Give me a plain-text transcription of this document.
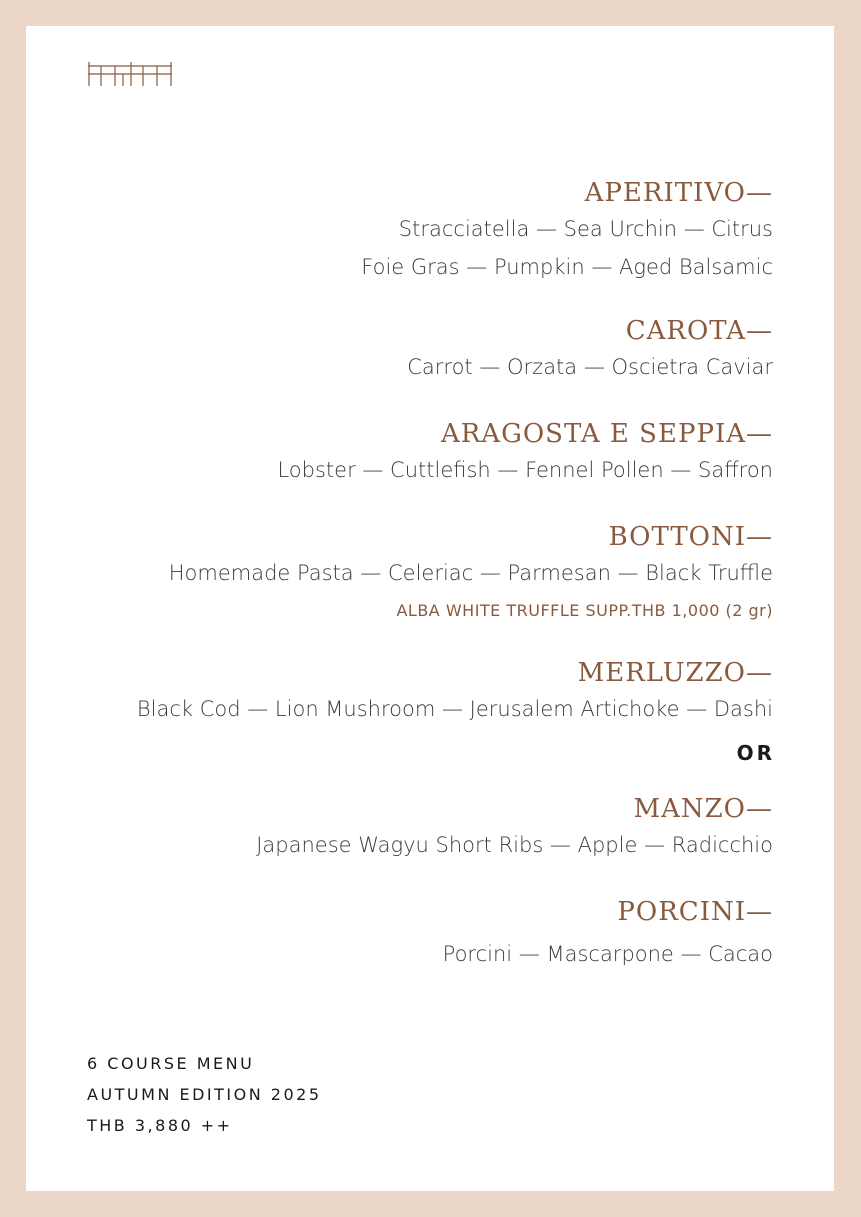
APERITIVO—
Stracciatella — Sea Urchin — Citrus
Foie Gras — Pumpkin — Aged Balsamic
CAROTA—
Carrot — Orzata — Oscietra Caviar
ARAGOSTA E SEPPIA—
Lobster — Cuttlefish — Fennel Pollen — Saffron
BOTTONI—
Homemade Pasta — Celeriac — Parmesan — Black Truffle
ALBA WHITE TRUFFLE SUPP.THB 1,000 (2 gr)
MERLUZZO—
Black Cod — Lion Mushroom — Jerusalem Artichoke — Dashi
OR
MANZO—
Japanese Wagyu Short Ribs — Apple — Radicchio
PORCINI—
Porcini — Mascarpone — Cacao
6 COURSE MENU
AUTUMN EDITION 2025
THB 3,880 ++
